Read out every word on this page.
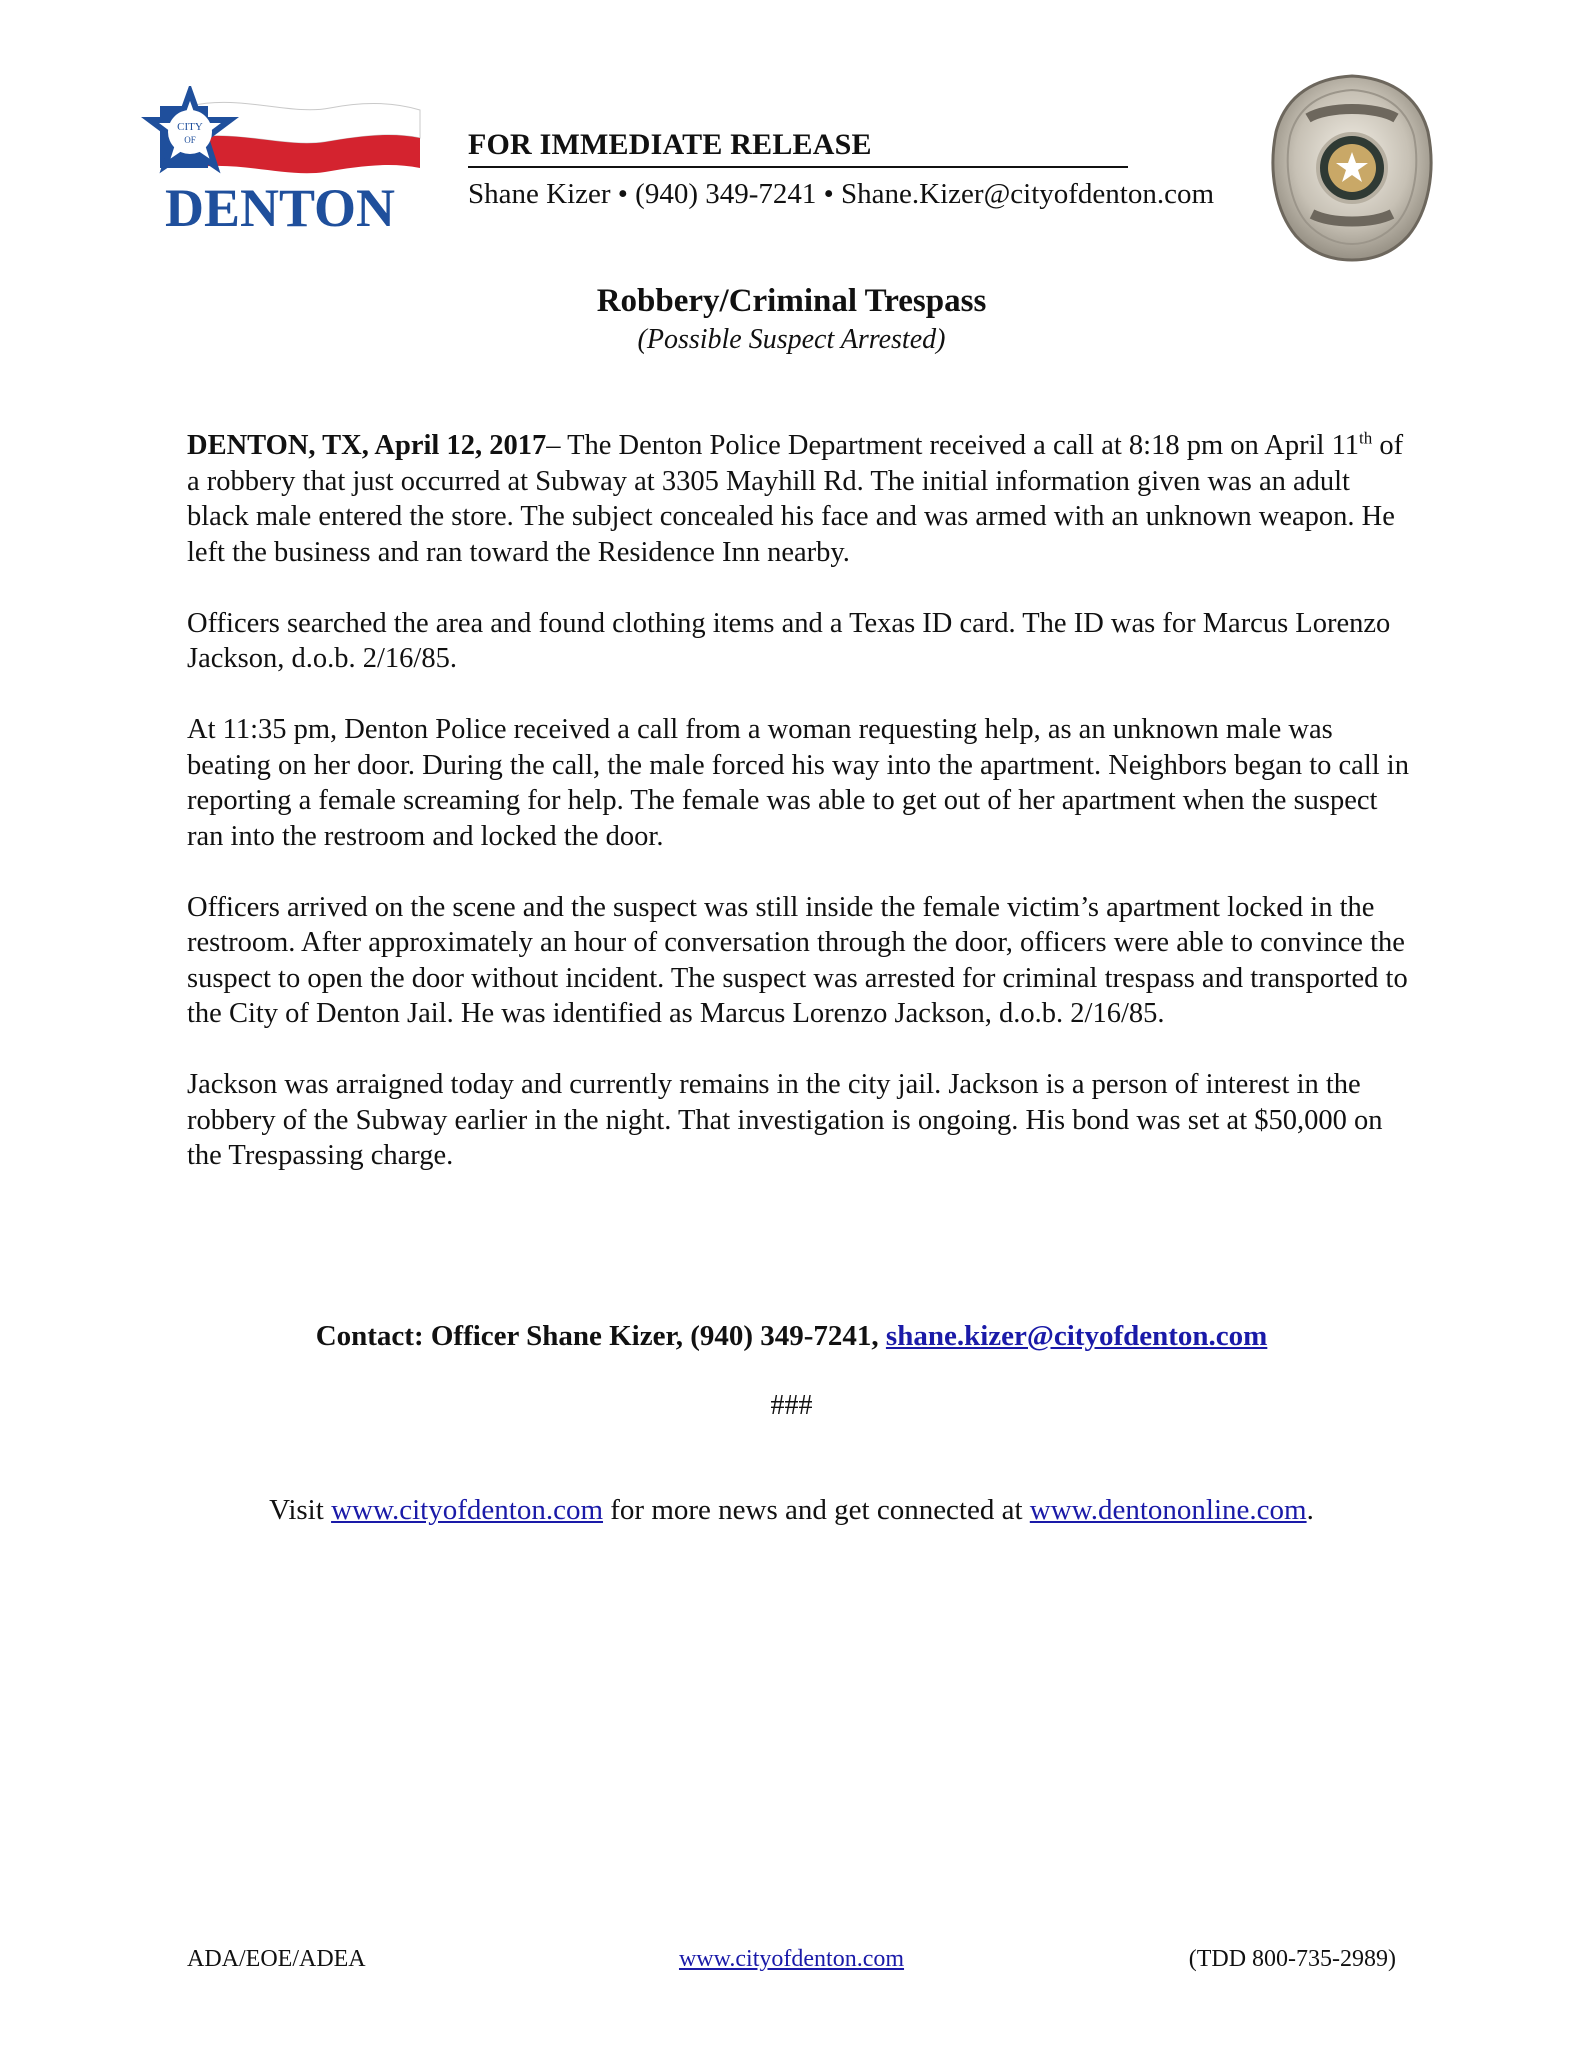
CITY
OF
DENTON
FOR IMMEDIATE RELEASE
Shane Kizer • (940) 349-7241 • Shane.Kizer@cityofdenton.com
Robbery/Criminal Trespass
(Possible Suspect Arrested)

DENTON, TX, April 12, 2017– The Denton Police Department received a call at 8:18 pm on April 11th of a robbery that just occurred at Subway at 3305 Mayhill Rd. The initial information given was an adult black male entered the store. The subject concealed his face and was armed with an unknown weapon. He left the business and ran toward the Residence Inn nearby.

Officers searched the area and found clothing items and a Texas ID card. The ID was for Marcus Lorenzo Jackson, d.o.b. 2/16/85.

At 11:35 pm, Denton Police received a call from a woman requesting help, as an unknown male was beating on her door. During the call, the male forced his way into the apartment. Neighbors began to call in reporting a female screaming for help. The female was able to get out of her apartment when the suspect ran into the restroom and locked the door.

Officers arrived on the scene and the suspect was still inside the female victim’s apartment locked in the restroom. After approximately an hour of conversation through the door, officers were able to convince the suspect to open the door without incident. The suspect was arrested for criminal trespass and transported to the City of Denton Jail. He was identified as Marcus Lorenzo Jackson, d.o.b. 2/16/85.

Jackson was arraigned today and currently remains in the city jail. Jackson is a person of interest in the robbery of the Subway earlier in the night. That investigation is ongoing. His bond was set at $50,000 on the Trespassing charge.

Contact: Officer Shane Kizer, (940) 349-7241, shane.kizer@cityofdenton.com
###
Visit www.cityofdenton.com for more news and get connected at www.dentononline.com.
ADA/EOE/ADEA	www.cityofdenton.com	(TDD 800-735-2989)
